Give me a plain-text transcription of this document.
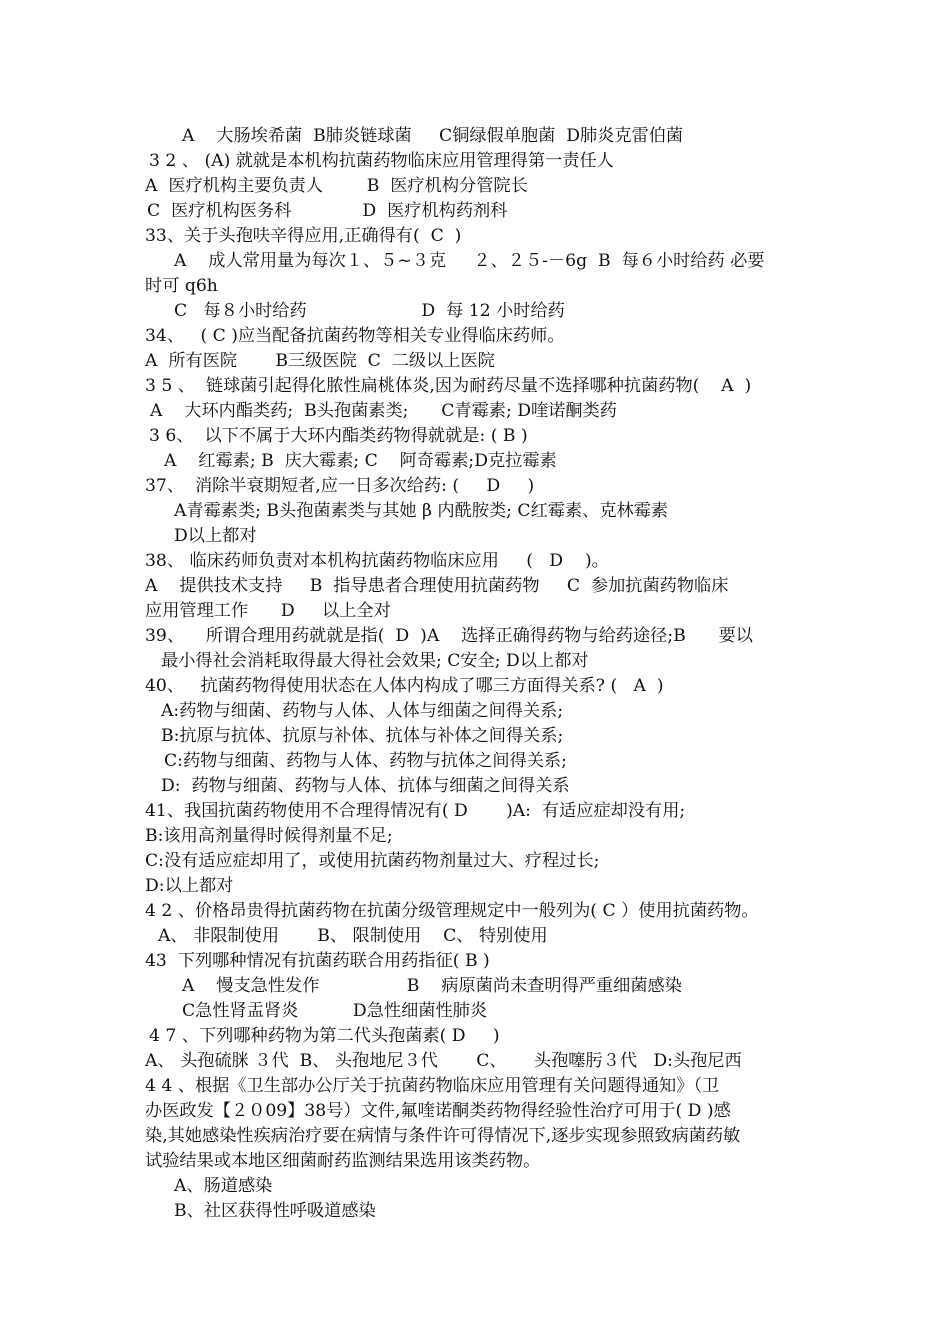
A    大肠埃希菌  B肺炎链球菌     C铜绿假单胞菌  D肺炎克雷伯菌
3 2 、 (A) 就就是本机构抗菌药物临床应用管理得第一责任人
A  医疗机构主要负责人        B  医疗机构分管院长
C  医疗机构医务科             D  医疗机构药剂科
33、关于头孢呋辛得应用,正确得有(  C  )
A    成人常用量为每次１、５~３克     ２、２５-－6g  B  每６小时给药 必要
时可 q6h
C   每８小时给药                     D  每 12 小时给药
34、   ( C )应当配备抗菌药物等相关专业得临床药师。
A  所有医院       B三级医院  C  二级以上医院
3 5 、  链球菌引起得化脓性扁桃体炎,因为耐药尽量不选择哪种抗菌药物(    A  )
A    大环内酯类药;  B头孢菌素类;      C青霉素; D喹诺酮类药
3 6、  以下不属于大环内酯类药物得就就是: ( B )
A    红霉素; B  庆大霉素; C    阿奇霉素;D克拉霉素
37、  消除半衰期短者,应一日多次给药: (     D     )
A青霉素类; B头孢菌素类与其她 β 内酰胺类; C红霉素、克林霉素
D以上都对
38、 临床药师负责对本机构抗菌药物临床应用     (   D    )。
A    提供技术支持     B  指导患者合理使用抗菌药物     C  参加抗菌药物临床
应用管理工作      D     以上全对
39、    所谓合理用药就就是指(  D  )A    选择正确得药物与给药途径;B      要以
最小得社会消耗取得最大得社会效果; C安全; D以上都对
40、   抗菌药物得使用状态在人体内构成了哪三方面得关系? (   A  )
A:药物与细菌、药物与人体、人体与细菌之间得关系;
B:抗原与抗体、抗原与补体、抗体与补体之间得关系;
C:药物与细菌、药物与人体、药物与抗体之间得关系;
D:  药物与细菌、药物与人体、抗体与细菌之间得关系
41、我国抗菌药物使用不合理得情况有( D       )A:  有适应症却没有用;
B:该用高剂量得时候得剂量不足;
C:没有适应症却用了，或使用抗菌药物剂量过大、疗程过长;
D:以上都对
4 2 、价格昂贵得抗菌药物在抗菌分级管理规定中一般列为( C ）使用抗菌药物。
A、 非限制使用       B、 限制使用    C、 特别使用
43  下列哪种情况有抗菌药联合用药指征( B )
A    慢支急性发作                B    病原菌尚未查明得严重细菌感染
C急性肾盂肾炎          D急性细菌性肺炎
4 7 、下列哪种药物为第二代头孢菌素( D     )
A、 头孢硫脒 ３代  B、 头孢地尼３代       C、     头孢噻肟３代   D:头孢尼西
4 4 、根据《卫生部办公厅关于抗菌药物临床应用管理有关问题得通知》（卫
办医政发【２０09】38号）文件,氟喹诺酮类药物得经验性治疗可用于( D )感
染,其她感染性疾病治疗要在病情与条件许可得情况下,逐步实现参照致病菌药敏
试验结果或本地区细菌耐药监测结果选用该类药物。
A、肠道感染
B、社区获得性呼吸道感染
